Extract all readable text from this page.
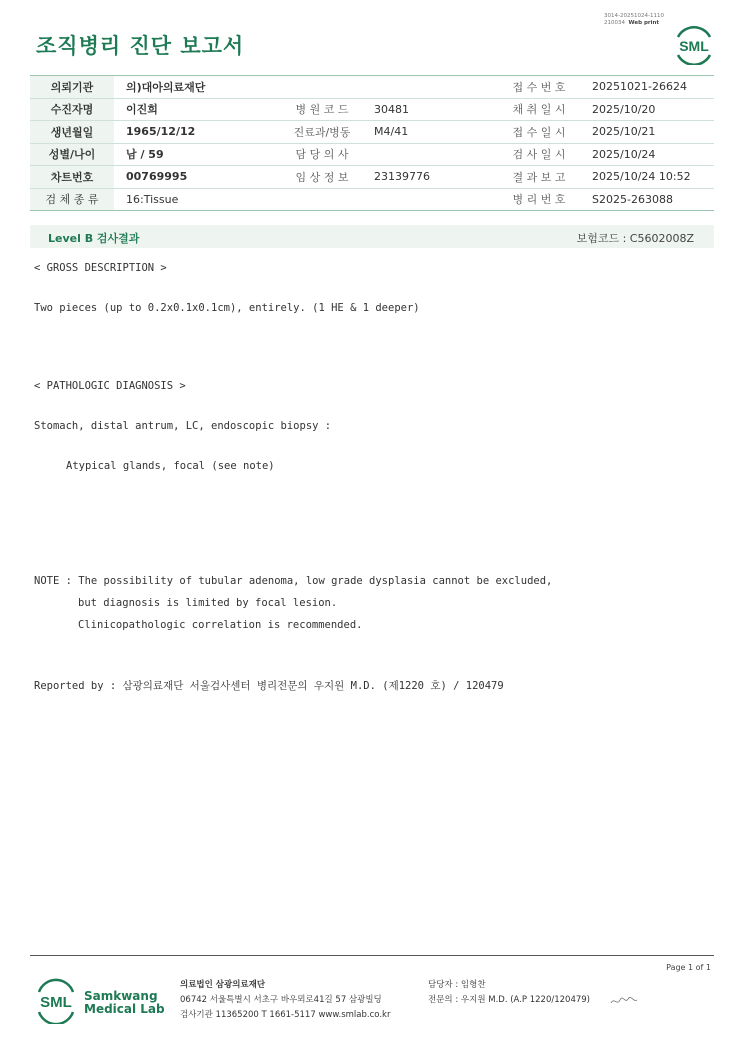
조직병리 진단 보고서
3014-20251024-1110
210034 Web print
SML
의뢰기관	의)대아의료재단			접 수 번 호	20251021-26624
수진자명	이진희	병 원 코 드	30481	채 취 일 시	2025/10/20
생년월일	1965/12/12	진료과/병동	M4/41	접 수 일 시	2025/10/21
성별/나이	남 / 59	담 당 의 사		검 사 일 시	2025/10/24
차트번호	00769995	임 상 정 보	23139776	결 과 보 고	2025/10/24 10:52
검 체 종 류	16:Tissue			병 리 번 호	S2025-263088
Level B 검사결과	보험코드 : C5602008Z
< GROSS DESCRIPTION >
Two pieces (up to 0.2x0.1x0.1cm), entirely. (1 HE & 1 deeper)
< PATHOLOGIC DIAGNOSIS >
Stomach, distal antrum, LC, endoscopic biopsy :
Atypical glands, focal (see note)
NOTE : The possibility of tubular adenoma, low grade dysplasia cannot be excluded,
but diagnosis is limited by focal lesion.
Clinicopathologic correlation is recommended.
Reported by : 삼광의료재단 서울검사센터 병리전문의 우지원 M.D. (제1220 호) / 120479
Page 1 of 1
SML Samkwang
Medical Lab
의료법인 삼광의료재단
06742 서울특별시 서초구 바우뫼로41길 57 삼광빌딩
검사기관 11365200 T 1661-5117 www.smlab.co.kr
담당자 : 임형찬
전문의 : 우지원 M.D. (A.P 1220/120479)
